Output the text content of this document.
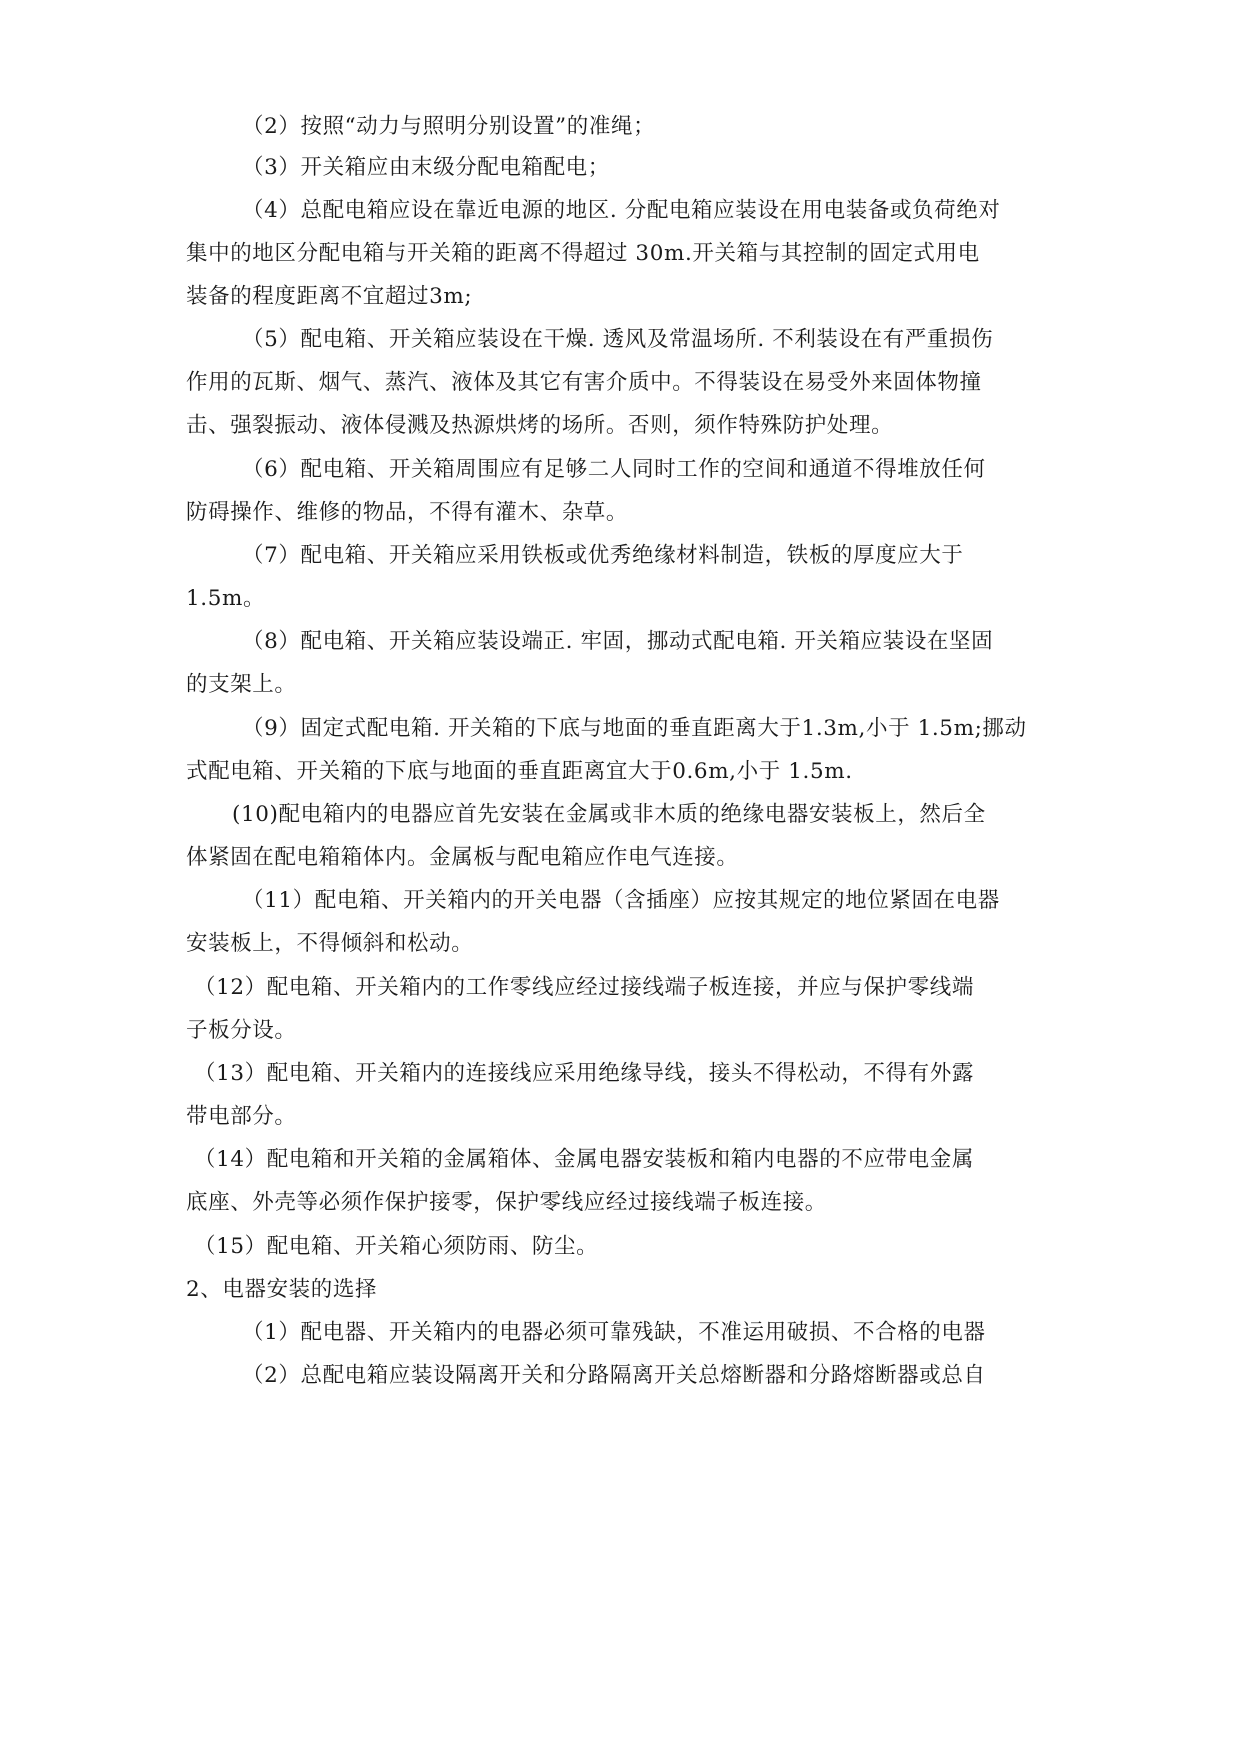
（2）按照“动力与照明分别设置”的准绳；
（3）开关箱应由末级分配电箱配电；
（4）总配电箱应设在靠近电源的地区. 分配电箱应装设在用电装备或负荷绝对
集中的地区分配电箱与开关箱的距离不得超过 30m.开关箱与其控制的固定式用电
装备的程度距离不宜超过3m;
（5）配电箱、开关箱应装设在干燥. 透风及常温场所. 不利装设在有严重损伤
作用的瓦斯、烟气、蒸汽、液体及其它有害介质中。不得装设在易受外来固体物撞
击、强裂振动、液体侵溅及热源烘烤的场所。否则，须作特殊防护处理。
（6）配电箱、开关箱周围应有足够二人同时工作的空间和通道不得堆放任何
防碍操作、维修的物品，不得有灌木、杂草。
（7）配电箱、开关箱应采用铁板或优秀绝缘材料制造，铁板的厚度应大于
1.5m。
（8）配电箱、开关箱应装设端正. 牢固，挪动式配电箱. 开关箱应装设在坚固
的支架上。
（9）固定式配电箱. 开关箱的下底与地面的垂直距离大于1.3m,小于 1.5m;挪动
式配电箱、开关箱的下底与地面的垂直距离宜大于0.6m,小于 1.5m.
(10)配电箱内的电器应首先安装在金属或非木质的绝缘电器安装板上，然后全
体紧固在配电箱箱体内。金属板与配电箱应作电气连接。
（11）配电箱、开关箱内的开关电器（含插座）应按其规定的地位紧固在电器
安装板上，不得倾斜和松动。
（12）配电箱、开关箱内的工作零线应经过接线端子板连接，并应与保护零线端
子板分设。
（13）配电箱、开关箱内的连接线应采用绝缘导线，接头不得松动，不得有外露
带电部分。
（14）配电箱和开关箱的金属箱体、金属电器安装板和箱内电器的不应带电金属
底座、外壳等必须作保护接零，保护零线应经过接线端子板连接。
（15）配电箱、开关箱心须防雨、防尘。
2、电器安装的选择
（1）配电器、开关箱内的电器必须可靠残缺，不准运用破损、不合格的电器
（2）总配电箱应装设隔离开关和分路隔离开关总熔断器和分路熔断器或总自
